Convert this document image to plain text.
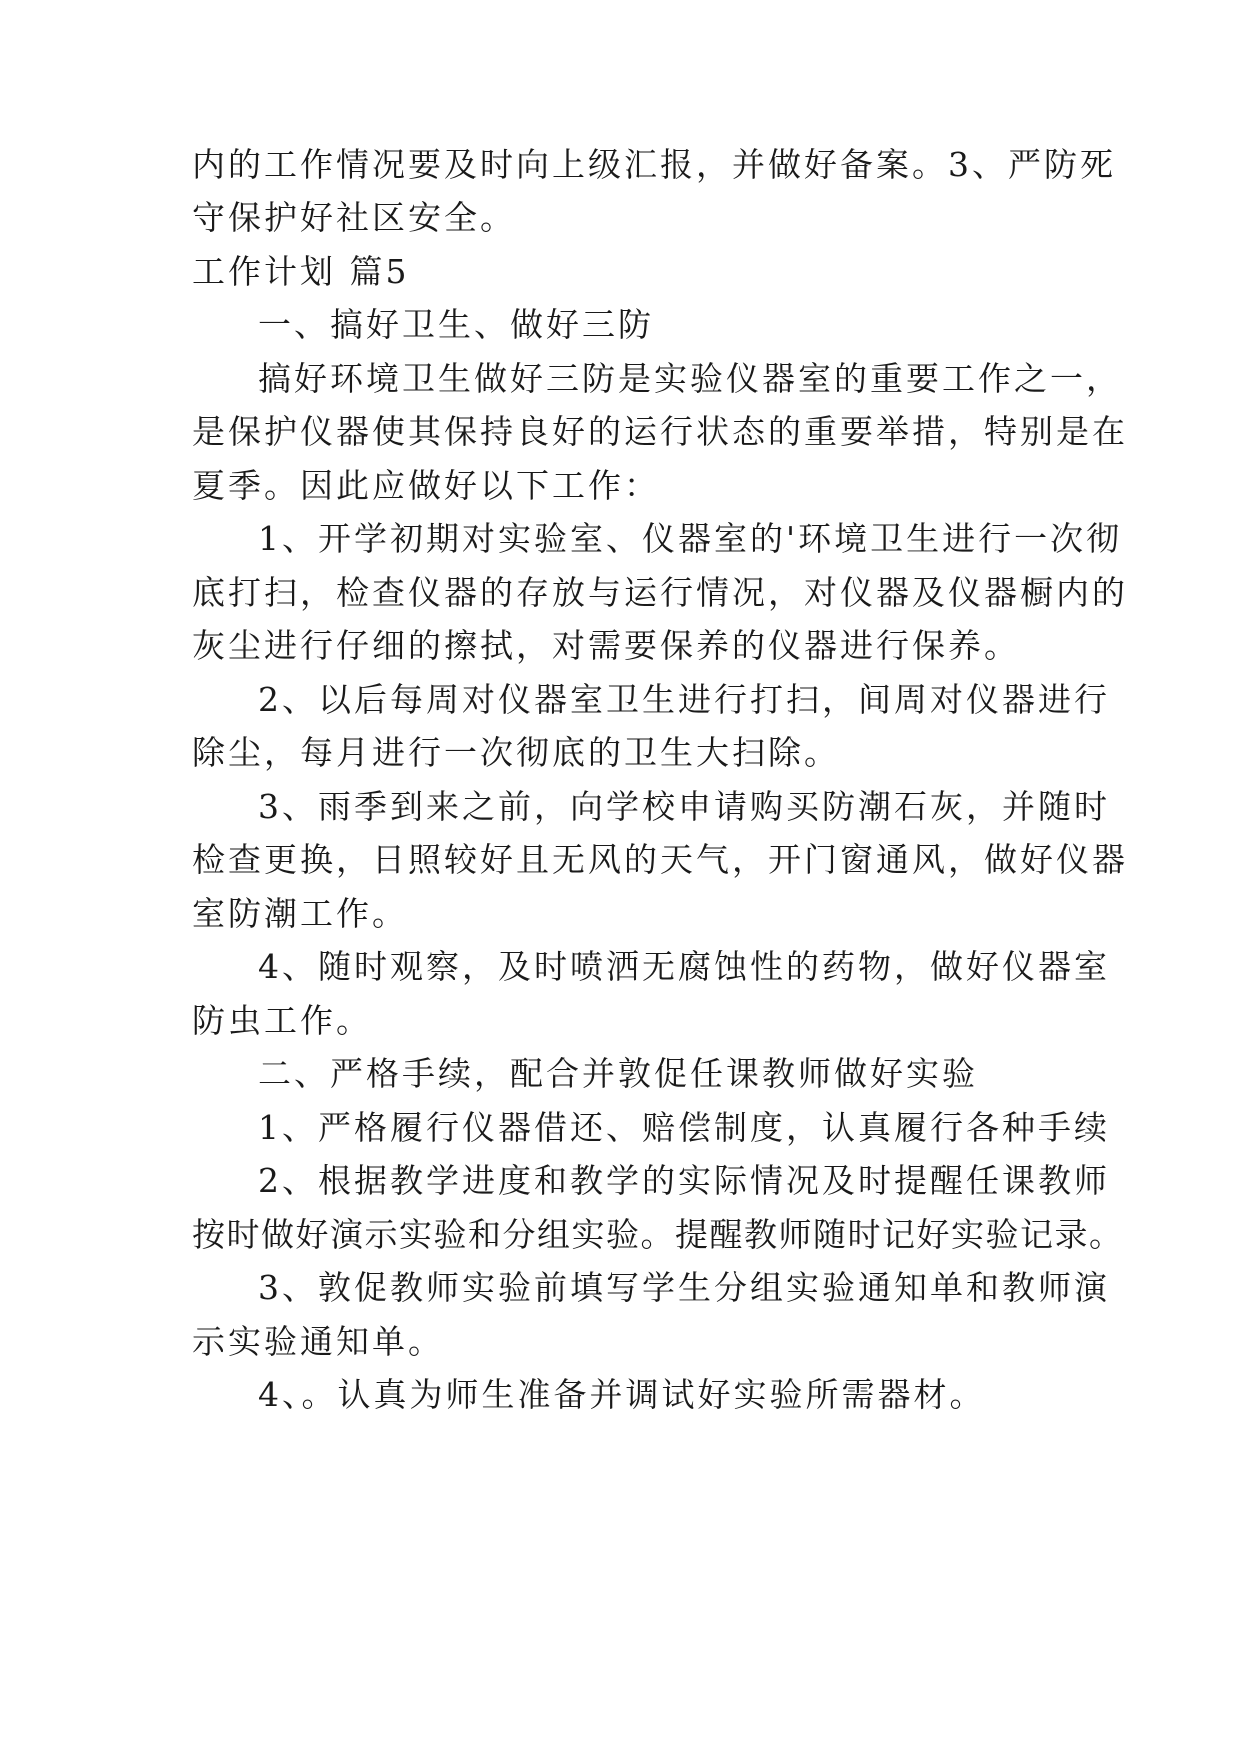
内的工作情况要及时向上级汇报，并做好备案。3、严防死

守保护好社区安全。

工作计划 篇5

一、搞好卫生、做好三防

搞好环境卫生做好三防是实验仪器室的重要工作之一，

是保护仪器使其保持良好的运行状态的重要举措，特别是在

夏季。因此应做好以下工作：

1、开学初期对实验室、仪器室的'环境卫生进行一次彻

底打扫，检查仪器的存放与运行情况，对仪器及仪器橱内的

灰尘进行仔细的擦拭，对需要保养的仪器进行保养。

2、以后每周对仪器室卫生进行打扫，间周对仪器进行

除尘，每月进行一次彻底的卫生大扫除。

3、雨季到来之前，向学校申请购买防潮石灰，并随时

检查更换，日照较好且无风的天气，开门窗通风，做好仪器

室防潮工作。

4、随时观察，及时喷洒无腐蚀性的药物，做好仪器室

防虫工作。

二、严格手续，配合并敦促任课教师做好实验

1、严格履行仪器借还、赔偿制度，认真履行各种手续

2、根据教学进度和教学的实际情况及时提醒任课教师

按时做好演示实验和分组实验。提醒教师随时记好实验记录。

3、敦促教师实验前填写学生分组实验通知单和教师演

示实验通知单。

4、。认真为师生准备并调试好实验所需器材。
